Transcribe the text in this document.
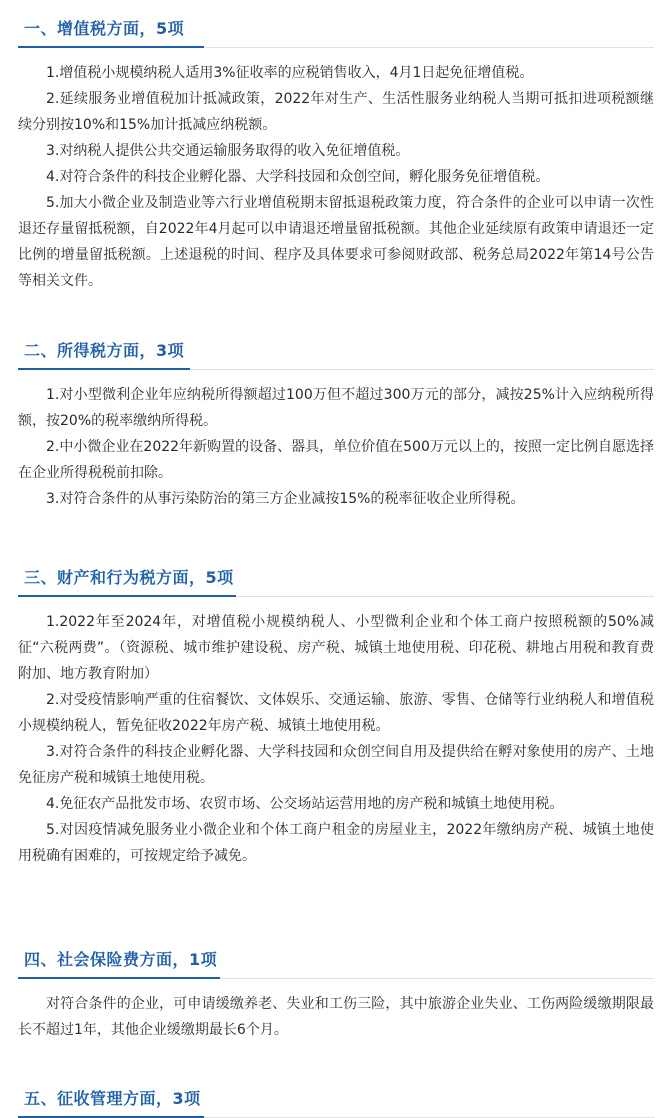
一、增值税方面，5项

1.增值税小规模纳税人适用3%征收率的应税销售收入，4月1日起免征增值税。

2.延续服务业增值税加计抵减政策，2022年对生产、生活性服务业纳税人当期可抵扣进项税额继续分别按10%和15%加计抵减应纳税额。

3.对纳税人提供公共交通运输服务取得的收入免征增值税。

4.对符合条件的科技企业孵化器、大学科技园和众创空间，孵化服务免征增值税。

5.加大小微企业及制造业等六行业增值税期末留抵退税政策力度，符合条件的企业可以申请一次性退还存量留抵税额，自2022年4月起可以申请退还增量留抵税额。其他企业延续原有政策申请退还一定比例的增量留抵税额。上述退税的时间、程序及具体要求可参阅财政部、税务总局2022年第14号公告等相关文件。

二、所得税方面，3项

1.对小型微利企业年应纳税所得额超过100万但不超过300万元的部分，减按25%计入应纳税所得额，按20%的税率缴纳所得税。

2.中小微企业在2022年新购置的设备、器具，单位价值在500万元以上的，按照一定比例自愿选择在企业所得税税前扣除。

3.对符合条件的从事污染防治的第三方企业减按15%的税率征收企业所得税。

三、财产和行为税方面，5项

1.2022年至2024年，对增值税小规模纳税人、小型微利企业和个体工商户按照税额的50%减征“六税两费”。（资源税、城市维护建设税、房产税、城镇土地使用税、印花税、耕地占用税和教育费附加、地方教育附加）

2.对受疫情影响严重的住宿餐饮、文体娱乐、交通运输、旅游、零售、仓储等行业纳税人和增值税小规模纳税人，暂免征收2022年房产税、城镇土地使用税。

3.对符合条件的科技企业孵化器、大学科技园和众创空间自用及提供给在孵对象使用的房产、土地免征房产税和城镇土地使用税。

4.免征农产品批发市场、农贸市场、公交场站运营用地的房产税和城镇土地使用税。

5.对因疫情减免服务业小微企业和个体工商户租金的房屋业主，2022年缴纳房产税、城镇土地使用税确有困难的，可按规定给予减免。

四、社会保险费方面，1项

对符合条件的企业，可申请缓缴养老、失业和工伤三险，其中旅游企业失业、工伤两险缓缴期限最长不超过1年，其他企业缓缴期最长6个月。

五、征收管理方面，3项
